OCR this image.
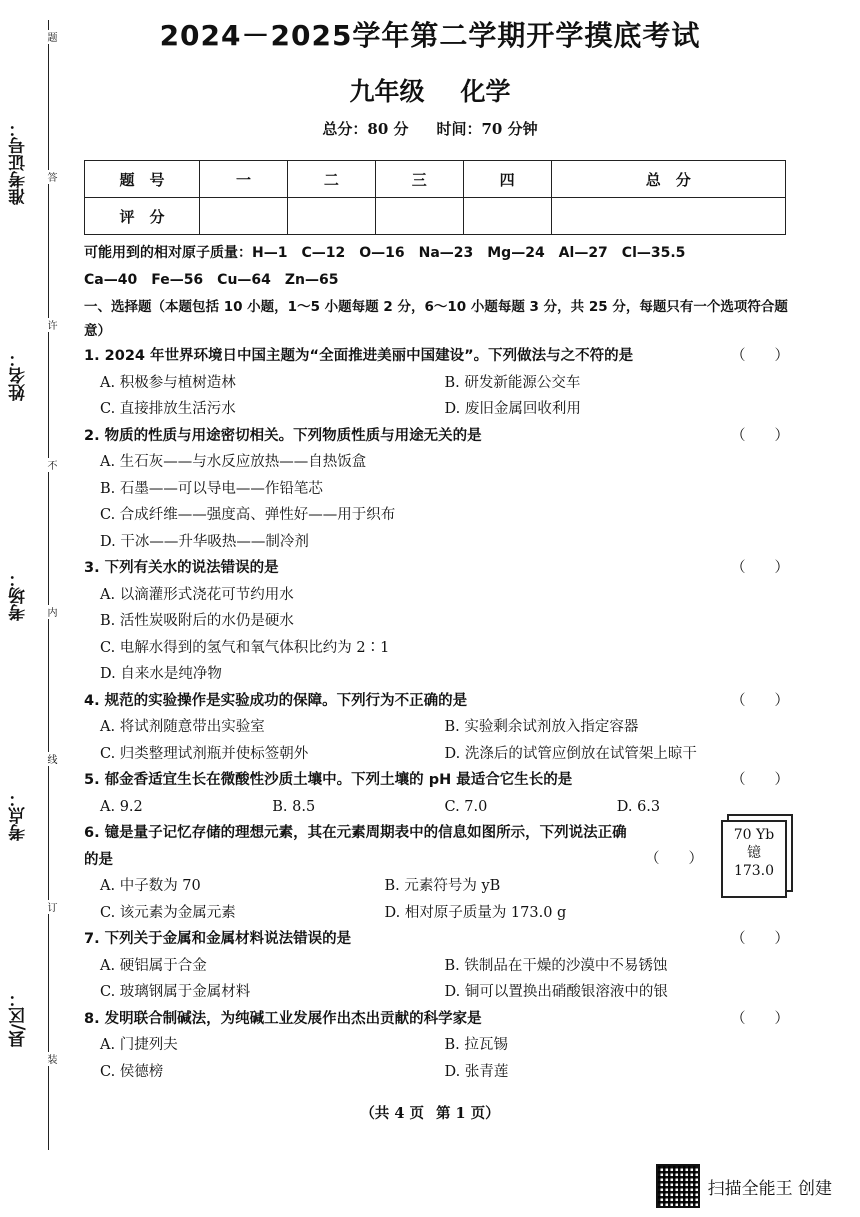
准考证号：
姓名：
考场：
考点：
县/区：
题
答
许
不
内
线
订
装
2024－2025学年第二学期开学摸底考试
九年级 化学
总分：80 分 时间：70 分钟
题　号	一	二	三	四	总　分
评　分					
可能用到的相对原子质量：H—1　C—12　O—16　Na—23　Mg—24　Al—27　Cl—35.5
Ca—40　Fe—56　Cu—64　Zn—65
一、选择题（本题包括 10 小题，1～5 小题每题 2 分，6～10 小题每题 3 分，共 25 分，每题只有一个选项符合题意）
1. 2024 年世界环境日中国主题为“全面推进美丽中国建设”。下列做法与之不符的是	（　　）
A. 积极参与植树造林	B. 研发新能源公交车
C. 直接排放生活污水	D. 废旧金属回收利用
2. 物质的性质与用途密切相关。下列物质性质与用途无关的是	（　　）
A. 生石灰——与水反应放热——自热饭盒
B. 石墨——可以导电——作铅笔芯
C. 合成纤维——强度高、弹性好——用于织布
D. 干冰——升华吸热——制冷剂
3. 下列有关水的说法错误的是	（　　）
A. 以滴灌形式浇花可节约用水
B. 活性炭吸附后的水仍是硬水
C. 电解水得到的氢气和氧气体积比约为 2∶1
D. 自来水是纯净物
4. 规范的实验操作是实验成功的保障。下列行为不正确的是	（　　）
A. 将试剂随意带出实验室	B. 实验剩余试剂放入指定容器
C. 归类整理试剂瓶并使标签朝外	D. 洗涤后的试管应倒放在试管架上晾干
5. 郁金香适宜生长在微酸性沙质土壤中。下列土壤的 pH 最适合它生长的是	（　　）
A. 9.2	B. 8.5	C. 7.0	D. 6.3
6. 镱是量子记忆存储的理想元素，其在元素周期表中的信息如图所示，下列说法正确的是	（　　）
70 Yb
镱
173.0
A. 中子数为 70	B. 元素符号为 yB
C. 该元素为金属元素	D. 相对原子质量为 173.0 g
7. 下列关于金属和金属材料说法错误的是	（　　）
A. 硬铝属于合金	B. 铁制品在干燥的沙漠中不易锈蚀
C. 玻璃钢属于金属材料	D. 铜可以置换出硝酸银溶液中的银
8. 发明联合制碱法，为纯碱工业发展作出杰出贡献的科学家是	（　　）
A. 门捷列夫	B. 拉瓦锡
C. 侯德榜	D. 张青莲
（共 4 页 第 1 页）
扫描全能王 创建
